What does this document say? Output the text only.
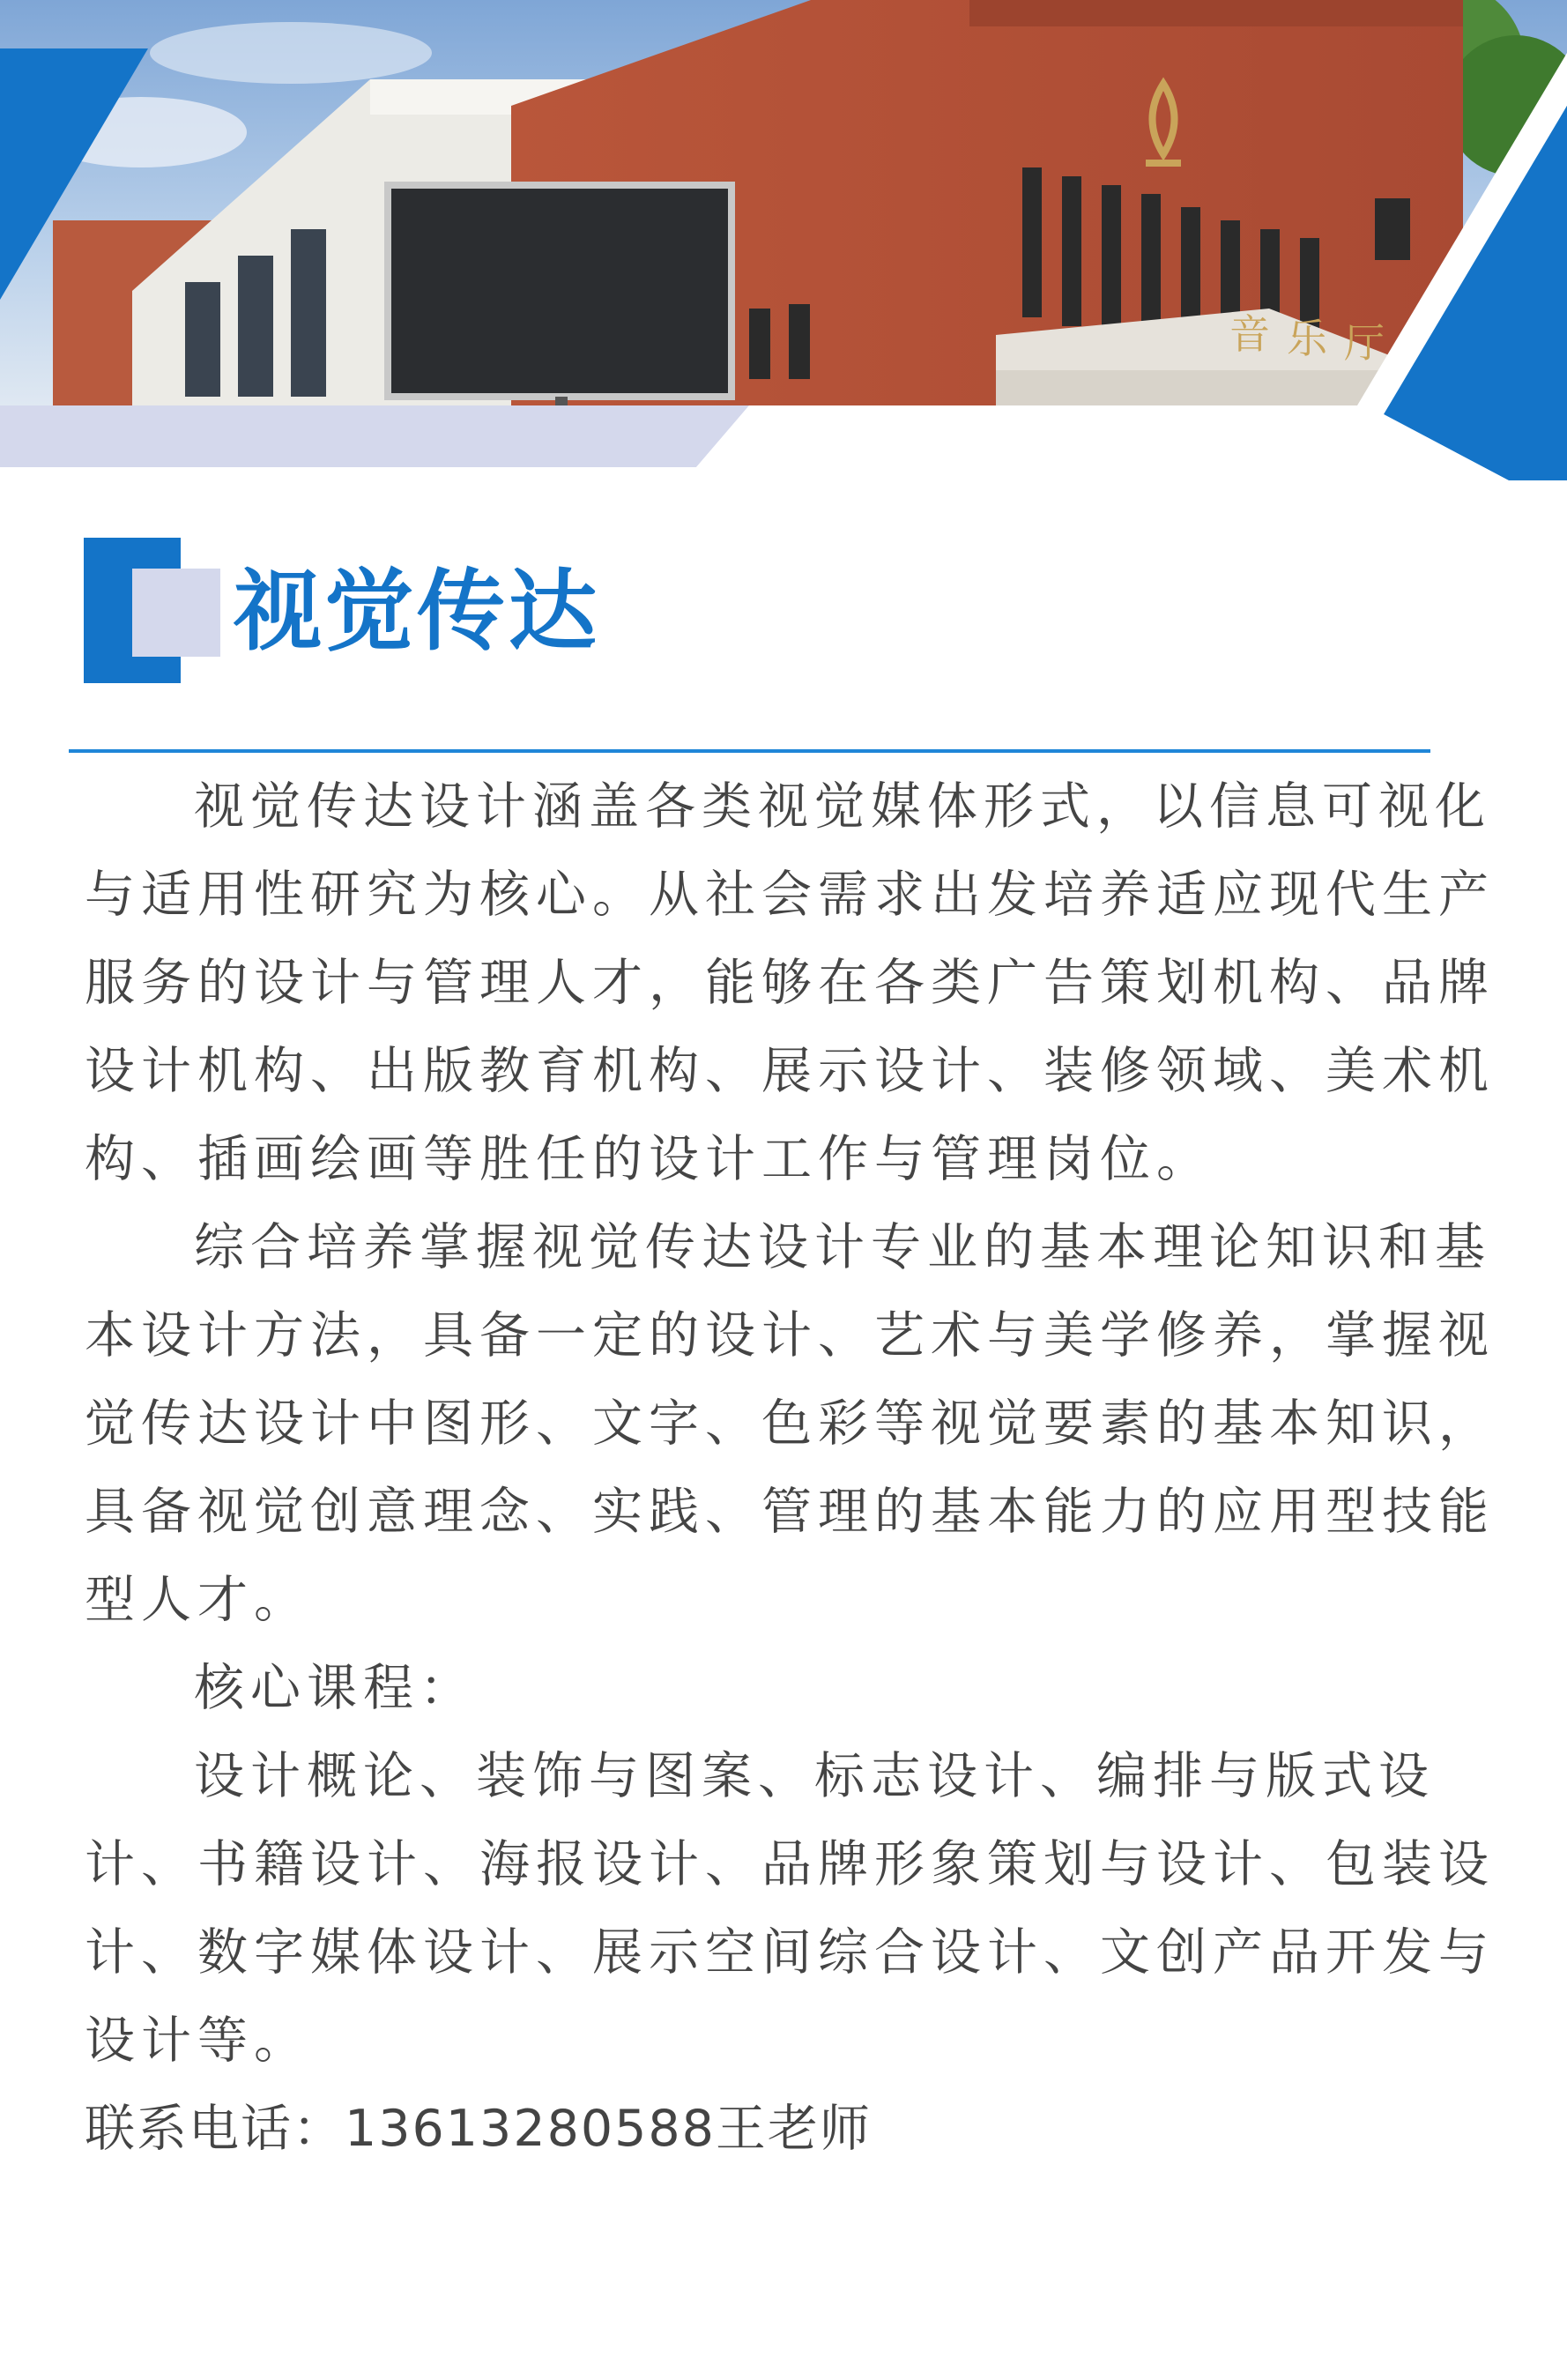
音 乐 厅
视觉传达

视觉传达设计涵盖各类视觉媒体形式，以信息可视化与适用性研究为核心。从社会需求出发培养适应现代生产服务的设计与管理人才，能够在各类广告策划机构、品牌设计机构、出版教育机构、展示设计、装修领域、美术机构、插画绘画等胜任的设计工作与管理岗位。

综合培养掌握视觉传达设计专业的基本理论知识和基本设计方法，具备一定的设计、艺术与美学修养，掌握视觉传达设计中图形、文字、色彩等视觉要素的基本知识，具备视觉创意理念、实践、管理的基本能力的应用型技能型人才。

核心课程：

设计概论、装饰与图案、标志设计、编排与版式设计、书籍设计、海报设计、品牌形象策划与设计、包装设计、数字媒体设计、展示空间综合设计、文创产品开发与设计等。

联系电话：13613280588王老师
